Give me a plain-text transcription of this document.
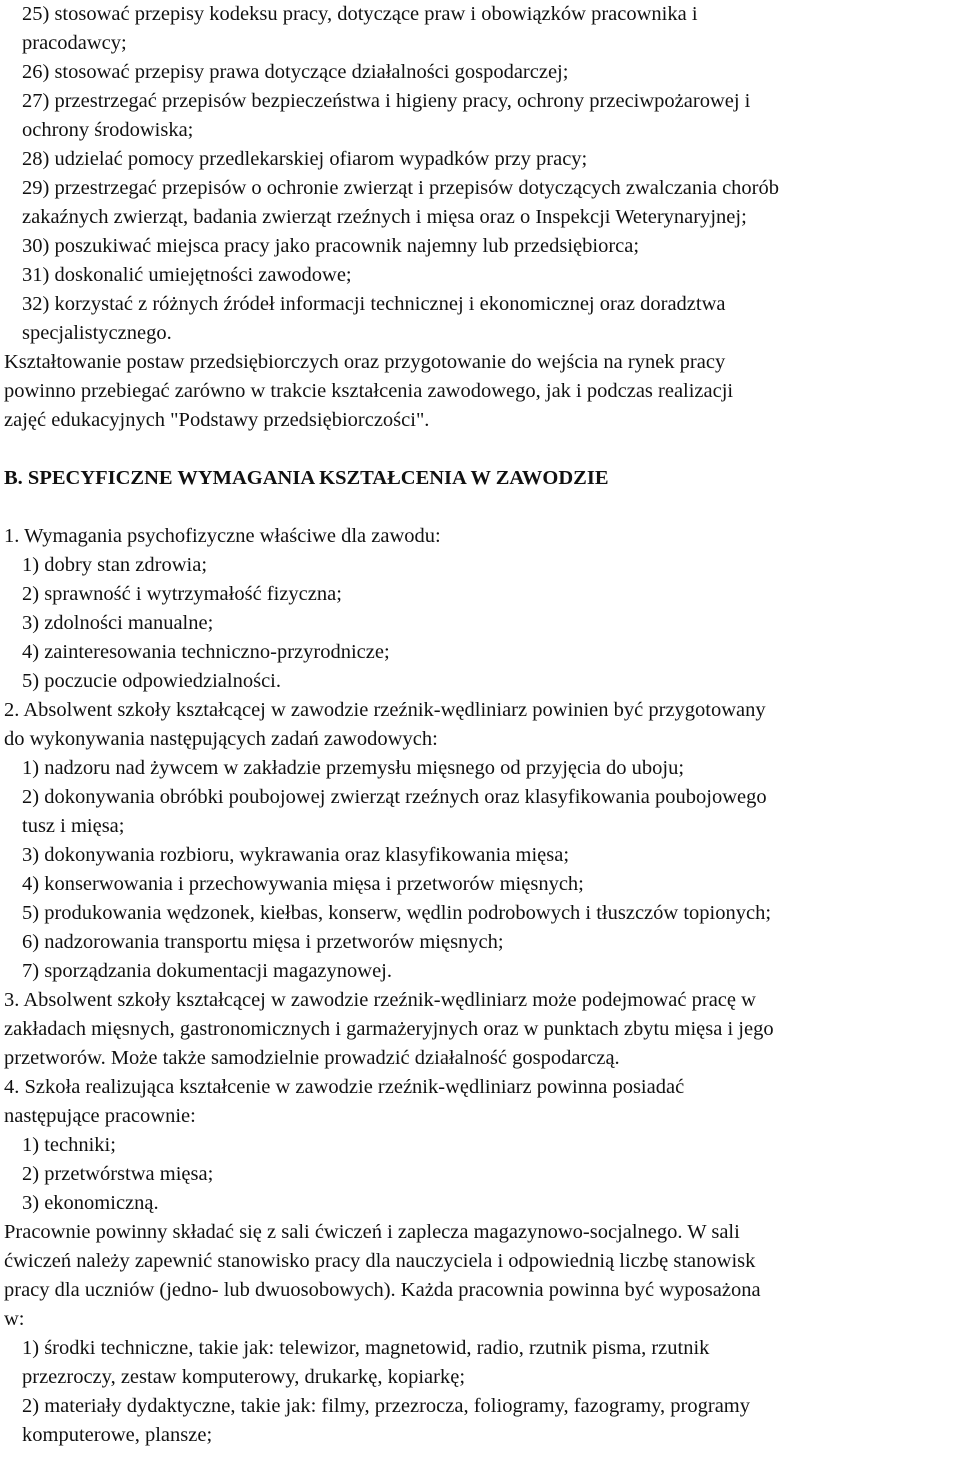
25) stosować przepisy kodeksu pracy, dotyczące praw i obowiązków pracownika i
pracodawcy;
26) stosować przepisy prawa dotyczące działalności gospodarczej;
27) przestrzegać przepisów bezpieczeństwa i higieny pracy, ochrony przeciwpożarowej i
ochrony środowiska;
28) udzielać pomocy przedlekarskiej ofiarom wypadków przy pracy;
29) przestrzegać przepisów o ochronie zwierząt i przepisów dotyczących zwalczania chorób
zakaźnych zwierząt, badania zwierząt rzeźnych i mięsa oraz o Inspekcji Weterynaryjnej;
30) poszukiwać miejsca pracy jako pracownik najemny lub przedsiębiorca;
31) doskonalić umiejętności zawodowe;
32) korzystać z różnych źródeł informacji technicznej i ekonomicznej oraz doradztwa
specjalistycznego.
Kształtowanie postaw przedsiębiorczych oraz przygotowanie do wejścia na rynek pracy
powinno przebiegać zarówno w trakcie kształcenia zawodowego, jak i podczas realizacji
zajęć edukacyjnych "Podstawy przedsiębiorczości".
B. SPECYFICZNE WYMAGANIA KSZTAŁCENIA W ZAWODZIE
1. Wymagania psychofizyczne właściwe dla zawodu:
1) dobry stan zdrowia;
2) sprawność i wytrzymałość fizyczna;
3) zdolności manualne;
4) zainteresowania techniczno-przyrodnicze;
5) poczucie odpowiedzialności.
2. Absolwent szkoły kształcącej w zawodzie rzeźnik-wędliniarz powinien być przygotowany
do wykonywania następujących zadań zawodowych:
1) nadzoru nad żywcem w zakładzie przemysłu mięsnego od przyjęcia do uboju;
2) dokonywania obróbki poubojowej zwierząt rzeźnych oraz klasyfikowania poubojowego
tusz i mięsa;
3) dokonywania rozbioru, wykrawania oraz klasyfikowania mięsa;
4) konserwowania i przechowywania mięsa i przetworów mięsnych;
5) produkowania wędzonek, kiełbas, konserw, wędlin podrobowych i tłuszczów topionych;
6) nadzorowania transportu mięsa i przetworów mięsnych;
7) sporządzania dokumentacji magazynowej.
3. Absolwent szkoły kształcącej w zawodzie rzeźnik-wędliniarz może podejmować pracę w
zakładach mięsnych, gastronomicznych i garmażeryjnych oraz w punktach zbytu mięsa i jego
przetworów. Może także samodzielnie prowadzić działalność gospodarczą.
4. Szkoła realizująca kształcenie w zawodzie rzeźnik-wędliniarz powinna posiadać
następujące pracownie:
1) techniki;
2) przetwórstwa mięsa;
3) ekonomiczną.
Pracownie powinny składać się z sali ćwiczeń i zaplecza magazynowo-socjalnego. W sali
ćwiczeń należy zapewnić stanowisko pracy dla nauczyciela i odpowiednią liczbę stanowisk
pracy dla uczniów (jedno- lub dwuosobowych). Każda pracownia powinna być wyposażona
w:
1) środki techniczne, takie jak: telewizor, magnetowid, radio, rzutnik pisma, rzutnik
przezroczy, zestaw komputerowy, drukarkę, kopiarkę;
2) materiały dydaktyczne, takie jak: filmy, przezrocza, foliogramy, fazogramy, programy
komputerowe, plansze;
